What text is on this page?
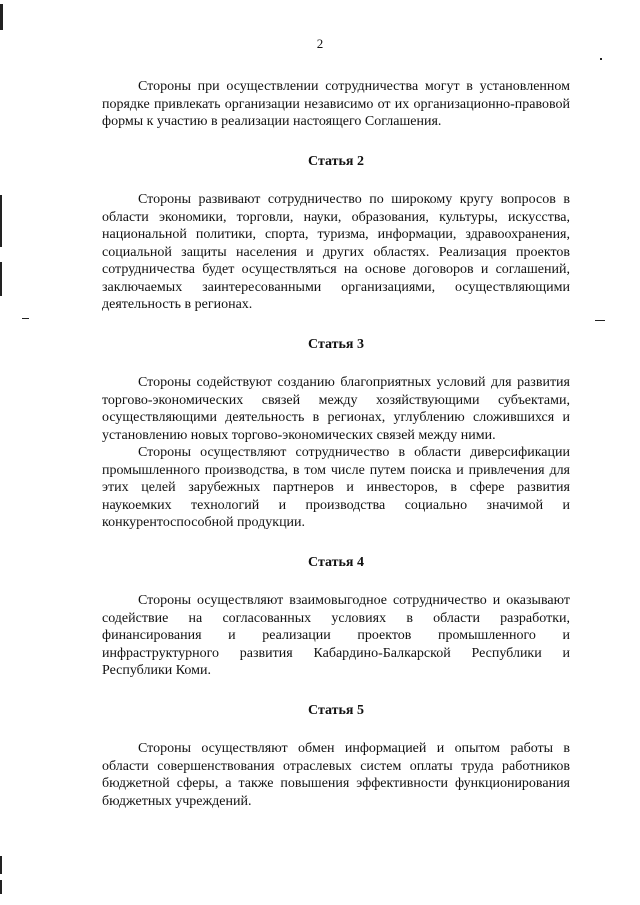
2

Стороны при осуществлении сотрудничества могут в установленном порядке привлекать организации независимо от их организационно-правовой формы к участию в реализации настоящего Соглашения.

Статья 2

Стороны развивают сотрудничество по широкому кругу вопросов в области экономики, торговли, науки, образования, культуры, искусства, национальной политики, спорта, туризма, информации, здравоохранения, социальной защиты населения и других областях. Реализация проектов сотрудничества будет осуществляться на основе договоров и соглашений, заключаемых заинтересованными организациями, осуществляющими деятельность в регионах.

Статья 3

Стороны содействуют созданию благоприятных условий для развития торгово-экономических связей между хозяйствующими субъектами, осуществляющими деятельность в регионах, углублению сложившихся и установлению новых торгово-экономических связей между ними.

Стороны осуществляют сотрудничество в области диверсификации промышленного производства, в том числе путем поиска и привлечения для этих целей зарубежных партнеров и инвесторов, в сфере развития наукоемких технологий и производства социально значимой и конкурентоспособной продукции.

Статья 4

Стороны осуществляют взаимовыгодное сотрудничество и оказывают содействие на согласованных условиях в области разработки, финансирования и реализации проектов промышленного и инфраструктурного развития Кабардино-Балкарской Республики и Республики Коми.

Статья 5

Стороны осуществляют обмен информацией и опытом работы в области совершенствования отраслевых систем оплаты труда работников бюджетной сферы, а также повышения эффективности функционирования бюджетных учреждений.
